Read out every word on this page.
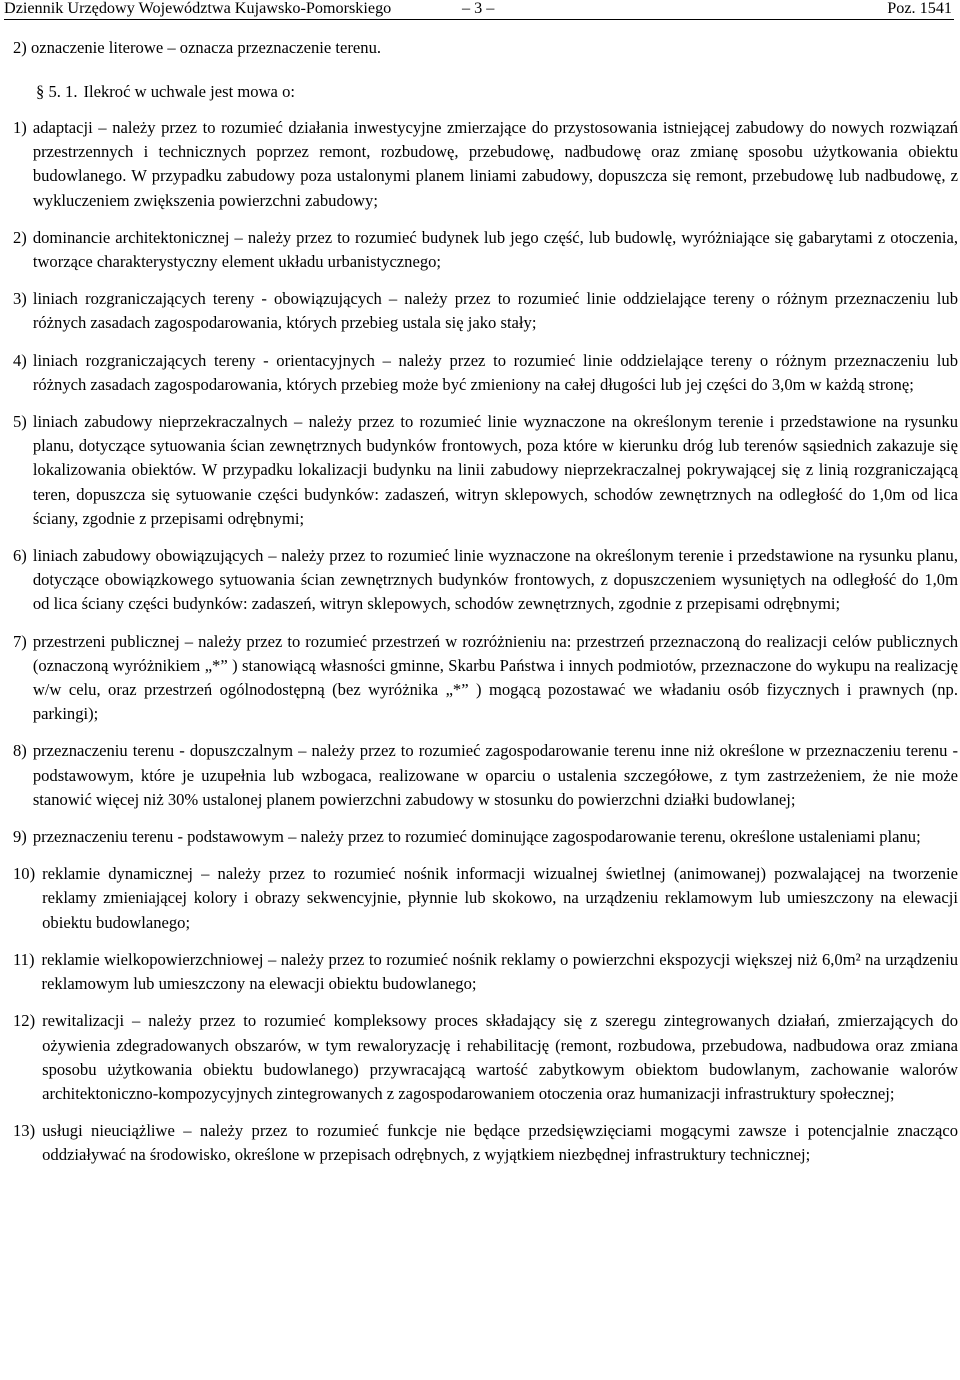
Dziennik Urzędowy Województwa Kujawsko-Pomorskiego	– 3 –	Poz. 1541
2) oznaczenie literowe – oznacza przeznaczenie terenu.
§ 5. 1. Ilekroć w uchwale jest mowa o:
1) adaptacji – należy przez to rozumieć działania inwestycyjne zmierzające do przystosowania istniejącej zabudowy do nowych rozwiązań przestrzennych i technicznych poprzez remont, rozbudowę, przebudowę, nadbudowę oraz zmianę sposobu użytkowania obiektu budowlanego. W przypadku zabudowy poza ustalonymi planem liniami zabudowy, dopuszcza się remont, przebudowę lub nadbudowę, z wykluczeniem zwiększenia powierzchni zabudowy;
2) dominancie architektonicznej – należy przez to rozumieć budynek lub jego część, lub budowlę, wyróżniające się gabarytami z otoczenia, tworzące charakterystyczny element układu urbanistycznego;
3) liniach rozgraniczających tereny - obowiązujących – należy przez to rozumieć linie oddzielające tereny o różnym przeznaczeniu lub różnych zasadach zagospodarowania, których przebieg ustala się jako stały;
4) liniach rozgraniczających tereny - orientacyjnych – należy przez to rozumieć linie oddzielające tereny o różnym przeznaczeniu lub różnych zasadach zagospodarowania, których przebieg może być zmieniony na całej długości lub jej części do 3,0m w każdą stronę;
5) liniach zabudowy nieprzekraczalnych – należy przez to rozumieć linie wyznaczone na określonym terenie i przedstawione na rysunku planu, dotyczące sytuowania ścian zewnętrznych budynków frontowych, poza które w kierunku dróg lub terenów sąsiednich zakazuje się lokalizowania obiektów. W przypadku lokalizacji budynku na linii zabudowy nieprzekraczalnej pokrywającej się z linią rozgraniczającą teren, dopuszcza się sytuowanie części budynków: zadaszeń, witryn sklepowych, schodów zewnętrznych na odległość do 1,0m od lica ściany, zgodnie z przepisami odrębnymi;
6) liniach zabudowy obowiązujących – należy przez to rozumieć linie wyznaczone na określonym terenie i przedstawione na rysunku planu, dotyczące obowiązkowego sytuowania ścian zewnętrznych budynków frontowych, z dopuszczeniem wysuniętych na odległość do 1,0m od lica ściany części budynków: zadaszeń, witryn sklepowych, schodów zewnętrznych, zgodnie z przepisami odrębnymi;
7) przestrzeni publicznej – należy przez to rozumieć przestrzeń w rozróżnieniu na: przestrzeń przeznaczoną do realizacji celów publicznych (oznaczoną wyróżnikiem „*” ) stanowiącą własności gminne, Skarbu Państwa i innych podmiotów, przeznaczone do wykupu na realizację w/w celu, oraz przestrzeń ogólnodostępną (bez wyróżnika „*” ) mogącą pozostawać we władaniu osób fizycznych i prawnych (np. parkingi);
8) przeznaczeniu terenu - dopuszczalnym – należy przez to rozumieć zagospodarowanie terenu inne niż określone w przeznaczeniu terenu - podstawowym, które je uzupełnia lub wzbogaca, realizowane w oparciu o ustalenia szczegółowe, z tym zastrzeżeniem, że nie może stanowić więcej niż 30% ustalonej planem powierzchni zabudowy w stosunku do powierzchni działki budowlanej;
9) przeznaczeniu terenu - podstawowym – należy przez to rozumieć dominujące zagospodarowanie terenu, określone ustaleniami planu;
10) reklamie dynamicznej – należy przez to rozumieć nośnik informacji wizualnej świetlnej (animowanej) pozwalającej na tworzenie reklamy zmieniającej kolory i obrazy sekwencyjnie, płynnie lub skokowo, na urządzeniu reklamowym lub umieszczony na elewacji obiektu budowlanego;
11) reklamie wielkopowierzchniowej – należy przez to rozumieć nośnik reklamy o powierzchni ekspozycji większej niż 6,0m² na urządzeniu reklamowym lub umieszczony na elewacji obiektu budowlanego;
12) rewitalizacji – należy przez to rozumieć kompleksowy proces składający się z szeregu zintegrowanych działań, zmierzających do ożywienia zdegradowanych obszarów, w tym rewaloryzację i rehabilitację (remont, rozbudowa, przebudowa, nadbudowa oraz zmiana sposobu użytkowania obiektu budowlanego) przywracającą wartość zabytkowym obiektom budowlanym, zachowanie walorów architektoniczno-kompozycyjnych zintegrowanych z zagospodarowaniem otoczenia oraz humanizacji infrastruktury społecznej;
13) usługi nieuciążliwe – należy przez to rozumieć funkcje nie będące przedsięwzięciami mogącymi zawsze i potencjalnie znacząco oddziaływać na środowisko, określone w przepisach odrębnych, z wyjątkiem niezbędnej infrastruktury technicznej;
